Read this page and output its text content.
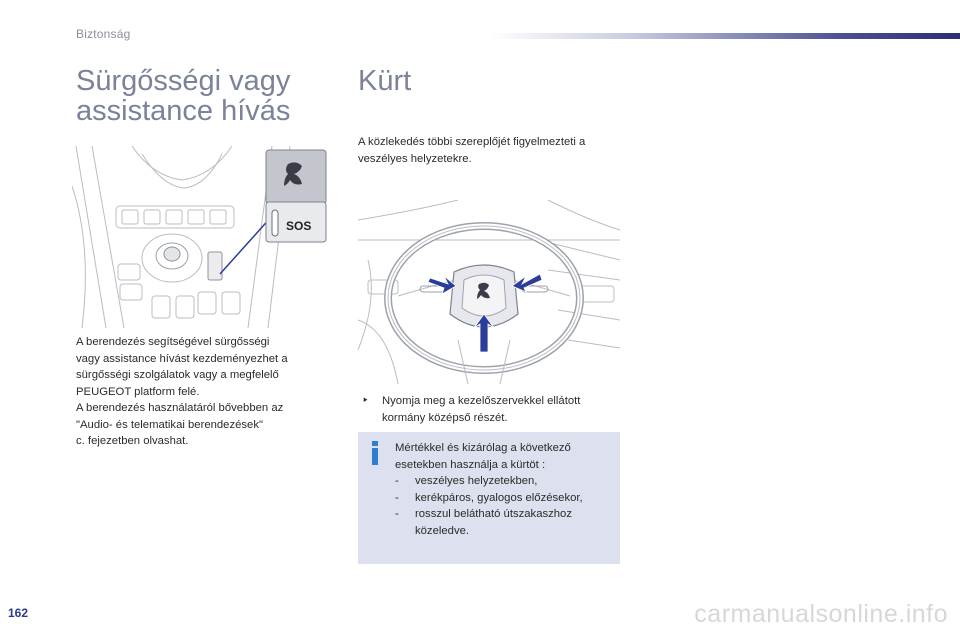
Biztonság
Sürgősségi vagy
assistance hívás
SOS

A berendezés segítségével sürgősségi
vagy assistance hívást kezdeményezhet a
sürgősségi szolgálatok vagy a megfelelő
PEUGEOT platform felé.
A berendezés használatáról bővebben az
"Audio- és telematikai berendezések"
c. fejezetben olvashat.

Kürt

A közlekedés többi szereplőjét figyelmezteti a veszélyes helyzetekre.

‣	Nyomja meg a kezelőszervekkel ellátott kormány középső részét.
Mértékkel és kizárólag a következő
esetekben használja a kürtöt :
- veszélyes helyzetekben,
- kerékpáros, gyalogos előzésekor,
- rosszul belátható útszakaszhoz közeledve.
162	carmanualsonline.info
